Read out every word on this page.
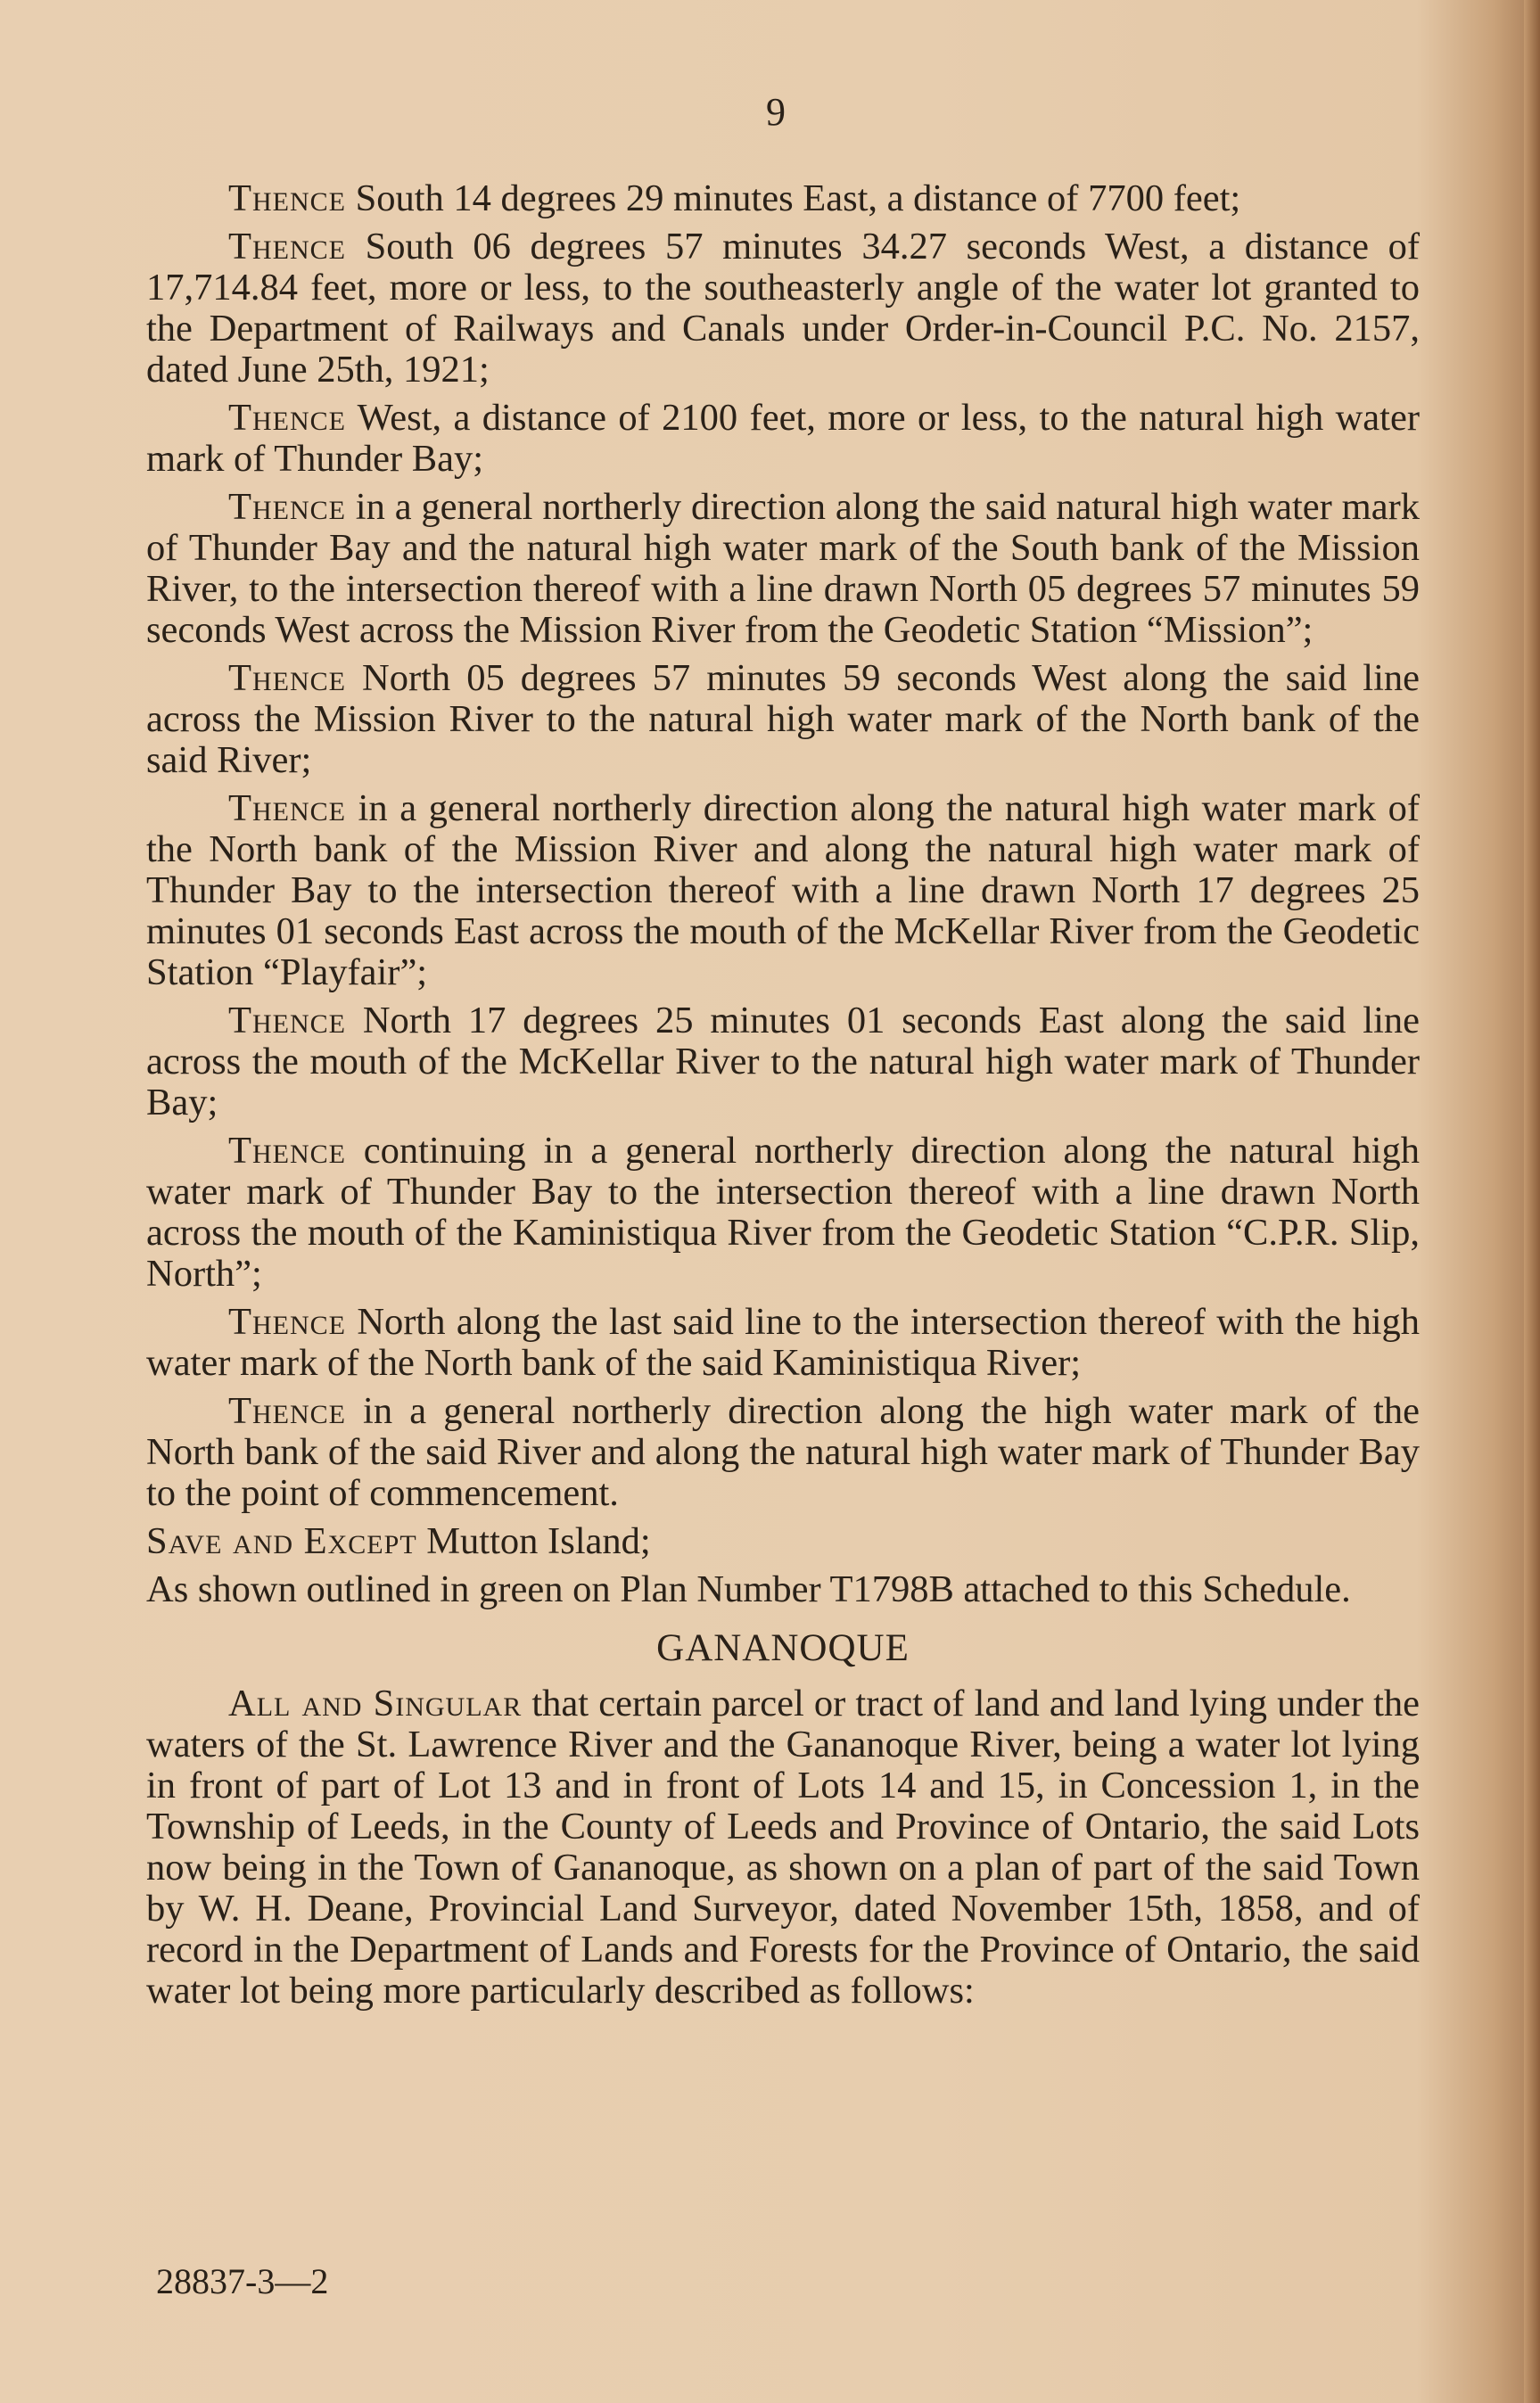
9

Thence South 14 degrees 29 minutes East, a distance of 7700 feet;

Thence South 06 degrees 57 minutes 34.27 seconds West, a distance of 17,714.84 feet, more or less, to the southeasterly angle of the water lot granted to the Department of Railways and Canals under Order-in-Council P.C. No. 2157, dated June 25th, 1921;

Thence West, a distance of 2100 feet, more or less, to the natural high water mark of Thunder Bay;

Thence in a general northerly direction along the said natural high water mark of Thunder Bay and the natural high water mark of the South bank of the Mission River, to the intersection thereof with a line drawn North 05 degrees 57 minutes 59 seconds West across the Mission River from the Geodetic Station “Mission”;

Thence North 05 degrees 57 minutes 59 seconds West along the said line across the Mission River to the natural high water mark of the North bank of the said River;

Thence in a general northerly direction along the natural high water mark of the North bank of the Mission River and along the natural high water mark of Thunder Bay to the intersection thereof with a line drawn North 17 degrees 25 minutes 01 seconds East across the mouth of the McKellar River from the Geodetic Station “Playfair”;

Thence North 17 degrees 25 minutes 01 seconds East along the said line across the mouth of the McKellar River to the natural high water mark of Thunder Bay;

Thence continuing in a general northerly direction along the natural high water mark of Thunder Bay to the intersection thereof with a line drawn North across the mouth of the Kaministiqua River from the Geodetic Station “C.P.R. Slip, North”;

Thence North along the last said line to the intersection thereof with the high water mark of the North bank of the said Kaministiqua River;

Thence in a general northerly direction along the high water mark of the North bank of the said River and along the natural high water mark of Thunder Bay to the point of commencement.

Save and Except Mutton Island;

As shown outlined in green on Plan Number T1798B attached to this Schedule.

GANANOQUE

All and Singular that certain parcel or tract of land and land lying under the waters of the St. Lawrence River and the Gananoque River, being a water lot lying in front of part of Lot 13 and in front of Lots 14 and 15, in Concession 1, in the Township of Leeds, in the County of Leeds and Province of Ontario, the said Lots now being in the Town of Gananoque, as shown on a plan of part of the said Town by W. H. Deane, Provincial Land Surveyor, dated November 15th, 1858, and of record in the Department of Lands and Forests for the Province of Ontario, the said water lot being more particularly described as follows:

28837-3—2
